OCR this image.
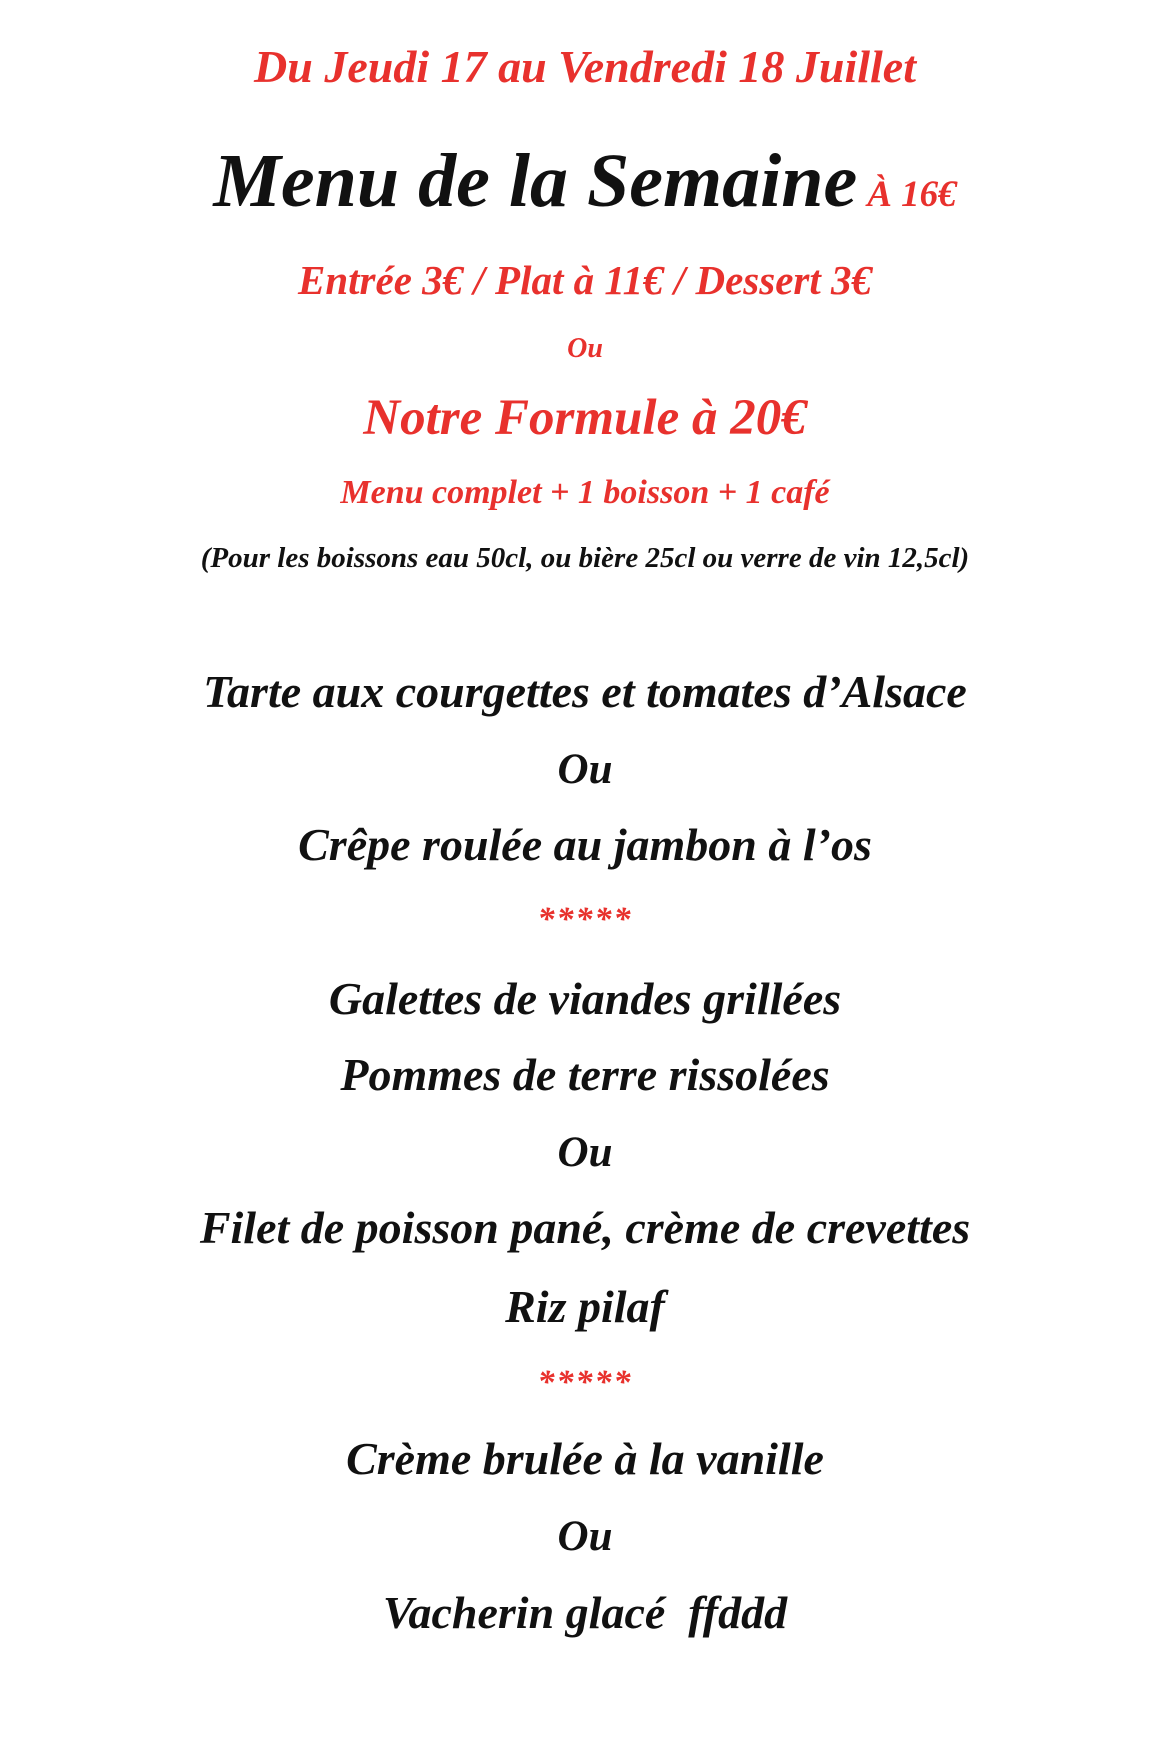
Du Jeudi 17 au Vendredi 18 Juillet
Menu de la Semaine À 16€
Entrée 3€ / Plat à 11€ / Dessert 3€
Ou
Notre Formule à 20€
Menu complet + 1 boisson + 1 café
(Pour les boissons eau 50cl, ou bière 25cl ou verre de vin 12,5cl)
Tarte aux courgettes et tomates d’Alsace
Ou
Crêpe roulée au jambon à l’os
*****
Galettes de viandes grillées
Pommes de terre rissolées
Ou
Filet de poisson pané, crème de crevettes
Riz pilaf
*****
Crème brulée à la vanille
Ou
Vacherin glacé  ffddd
